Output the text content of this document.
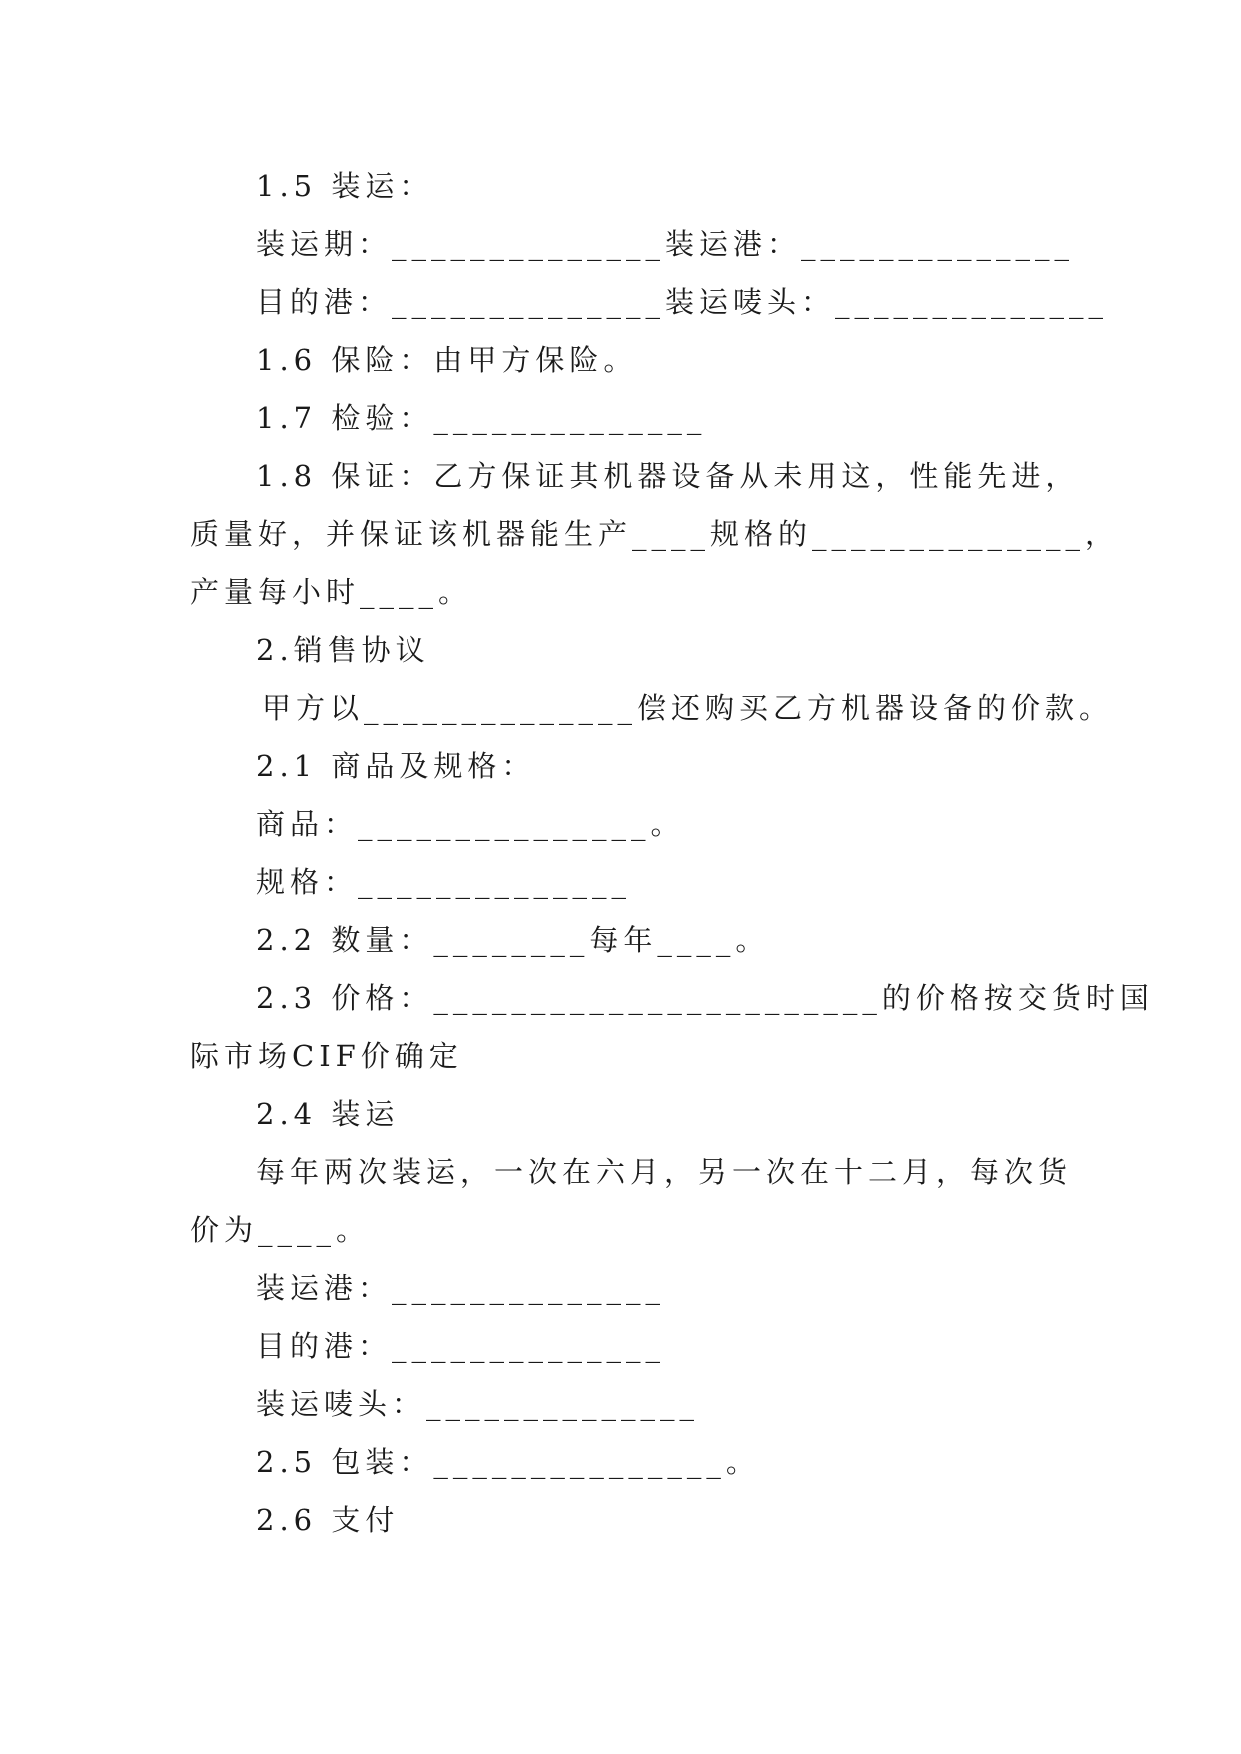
1.5 装运：
装运期：______________装运港：______________
目的港：______________装运唛头：______________
1.6 保险：由甲方保险。
1.7 检验：______________
1.8 保证：乙方保证其机器设备从未用这，性能先进，
质量好，并保证该机器能生产____规格的______________，
产量每小时____。
2.销售协议
甲方以______________偿还购买乙方机器设备的价款。
2.1 商品及规格：
商品：_______________。
规格：______________
2.2 数量：________每年____。
2.3 价格：_______________________的价格按交货时国
际市场CIF价确定
2.4 装运
每年两次装运，一次在六月，另一次在十二月，每次货
价为____。
装运港：______________
目的港：______________
装运唛头：______________
2.5 包装：_______________。
2.6 支付
